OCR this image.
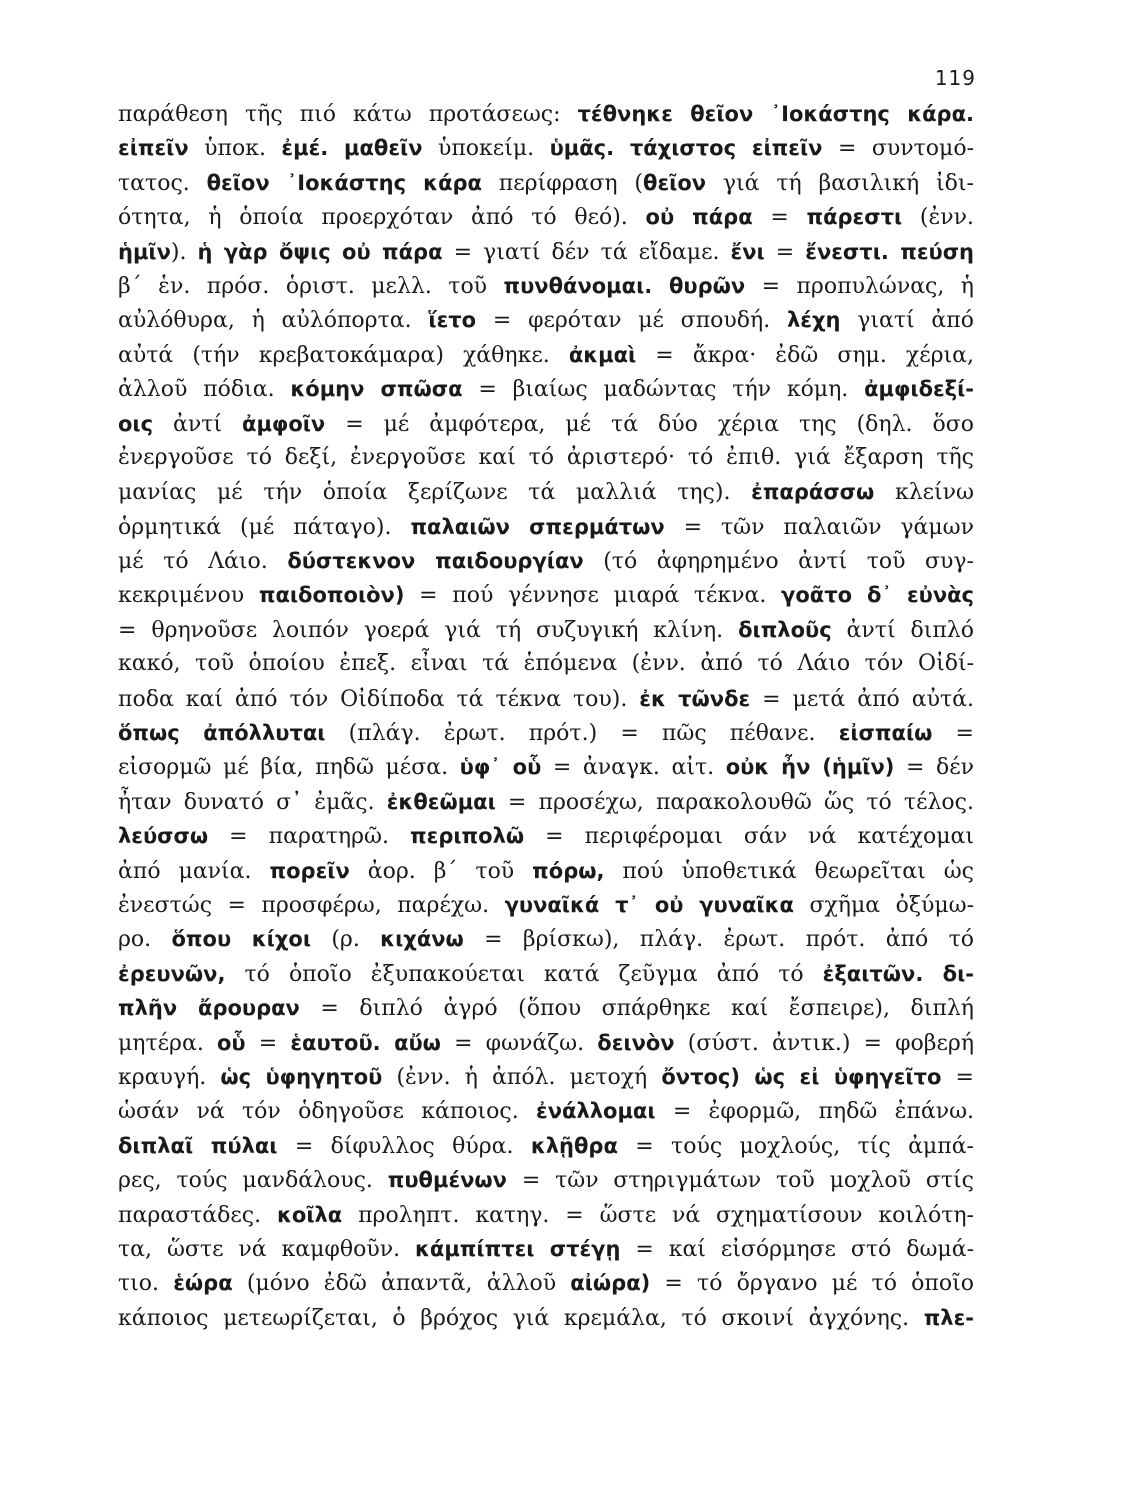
119
παράθεση τῆς πιό κάτω προτάσεως: τέθνηκε θεῖον ᾽Ιοκάστης κάρα.
εἰπεῖν ὑποκ. ἐμέ. μαθεῖν ὑποκείμ. ὑμᾶς. τάχιστος εἰπεῖν = συντομό-
τατος. θεῖον ᾽Ιοκάστης κάρα περίφραση (θεῖον γιά τή βασιλική ἰδι-
ότητα, ἡ ὁποία προερχόταν ἀπό τό θεό). οὐ πάρα = πάρεστι (ἐνν.
ἡμῖν). ἡ γὰρ ὄψις οὐ πάρα = γιατί δέν τά εἴδαμε. ἔνι = ἔνεστι. πεύση
β΄ ἑν. πρόσ. ὁριστ. μελλ. τοῦ πυνθάνομαι. θυρῶν = προπυλώνας, ἡ
αὐλόθυρα, ἡ αὐλόπορτα. ἵετο = φερόταν μέ σπουδή. λέχη γιατί ἀπό
αὐτά (τήν κρεβατοκάμαρα) χάθηκε. ἀκμαὶ = ἄκρα· ἐδῶ σημ. χέρια,
ἀλλοῦ πόδια. κόμην σπῶσα = βιαίως μαδώντας τήν κόμη. ἀμφιδεξί-
οις ἀντί ἀμφοῖν = μέ ἀμφότερα, μέ τά δύο χέρια της (δηλ. ὅσο
ἐνεργοῦσε τό δεξί, ἐνεργοῦσε καί τό ἀριστερό· τό ἐπιθ. γιά ἔξαρση τῆς
μανίας μέ τήν ὁποία ξερίζωνε τά μαλλιά της). ἐπαράσσω κλείνω
ὁρμητικά (μέ πάταγο). παλαιῶν σπερμάτων = τῶν παλαιῶν γάμων
μέ τό Λάιο. δύστεκνον παιδουργίαν (τό ἀφηρημένο ἀντί τοῦ συγ-
κεκριμένου παιδοποιὸν) = πού γέννησε μιαρά τέκνα. γοᾶτο δ᾽ εὐνὰς
= θρηνοῦσε λοιπόν γοερά γιά τή συζυγική κλίνη. διπλοῦς ἀντί διπλό
κακό, τοῦ ὁποίου ἐπεξ. εἶναι τά ἑπόμενα (ἐνν. ἀπό τό Λάιο τόν Οἰδί-
ποδα καί ἀπό τόν Οἰδίποδα τά τέκνα του). ἐκ τῶνδε = μετά ἀπό αὐτά.
ὅπως ἀπόλλυται (πλάγ. ἐρωτ. πρότ.) = πῶς πέθανε. εἰσπαίω =
εἰσορμῶ μέ βία, πηδῶ μέσα. ὑφ᾽ οὗ = ἀναγκ. αἰτ. οὐκ ἦν (ἡμῖν) = δέν
ἦταν δυνατό σ᾽ ἐμᾶς. ἐκθεῶμαι = προσέχω, παρακολουθῶ ὥς τό τέλος.
λεύσσω = παρατηρῶ. περιπολῶ = περιφέρομαι σάν νά κατέχομαι
ἀπό μανία. πορεῖν ἀορ. β΄ τοῦ πόρω, πού ὑποθετικά θεωρεῖται ὡς
ἐνεστώς = προσφέρω, παρέχω. γυναῖκά τ᾽ οὐ γυναῖκα σχῆμα ὀξύμω-
ρο. ὅπου κίχοι (ρ. κιχάνω = βρίσκω), πλάγ. ἐρωτ. πρότ. ἀπό τό
ἐρευνῶν, τό ὁποῖο ἐξυπακούεται κατά ζεῦγμα ἀπό τό ἐξαιτῶν. δι-
πλῆν ἄρουραν = διπλό ἀγρό (ὅπου σπάρθηκε καί ἔσπειρε), διπλή
μητέρα. οὗ = ἑαυτοῦ. αὔω = φωνάζω. δεινὸν (σύστ. ἀντικ.) = φοβερή
κραυγή. ὡς ὑφηγητοῦ (ἐνν. ἡ ἀπόλ. μετοχή ὄντος) ὡς εἰ ὑφηγεῖτο =
ὡσάν νά τόν ὁδηγοῦσε κάποιος. ἐνάλλομαι = ἐφορμῶ, πηδῶ ἐπάνω.
διπλαῖ πύλαι = δίφυλλος θύρα. κλῇθρα = τούς μοχλούς, τίς ἀμπά-
ρες, τούς μανδάλους. πυθμένων = τῶν στηριγμάτων τοῦ μοχλοῦ στίς
παραστάδες. κοῖλα προληπτ. κατηγ. = ὥστε νά σχηματίσουν κοιλότη-
τα, ὥστε νά καμφθοῦν. κάμπίπτει στέγῃ = καί εἰσόρμησε στό δωμά-
τιο. ἑώρα (μόνο ἐδῶ ἀπαντᾶ, ἀλλοῦ αἰώρα) = τό ὄργανο μέ τό ὁποῖο
κάποιος μετεωρίζεται, ὁ βρόχος γιά κρεμάλα, τό σκοινί ἀγχόνης. πλε-
